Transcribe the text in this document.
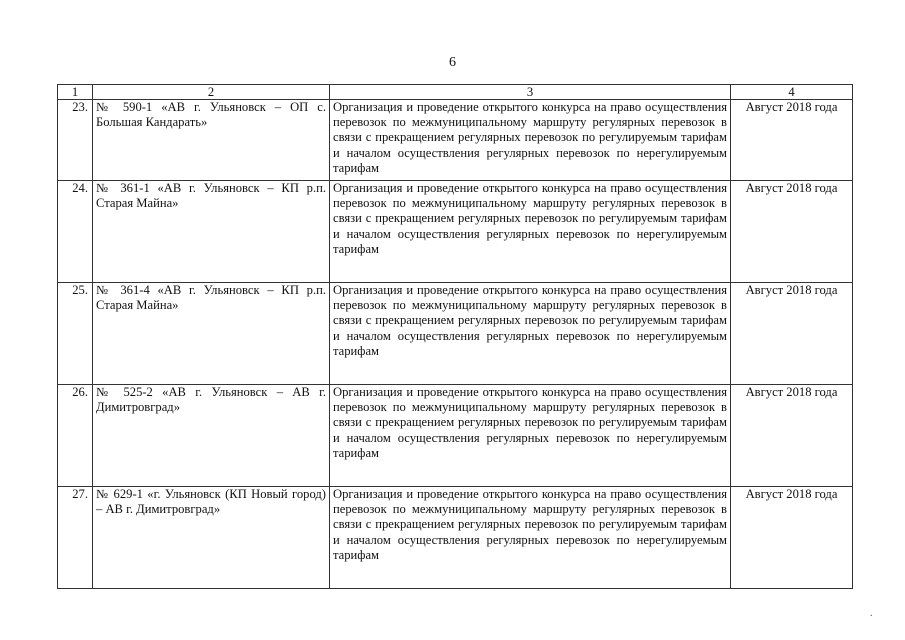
6
1	2	3	4
23.	№ 590-1 «АВ г. Ульяновск – ОП с. Большая Кандарать»	Организация и проведение открытого конкурса на право осуществления перевозок по межмуниципальному маршруту регулярных перевозок в связи с прекращением регулярных перевозок по регулируемым тарифам и началом осуществления регулярных перевозок по нерегулируемым тарифам	Август 2018 года
24.	№ 361-1 «АВ г. Ульяновск – КП р.п. Старая Майна»	Организация и проведение открытого конкурса на право осуществления перевозок по межмуниципальному маршруту регулярных перевозок в связи с прекращением регулярных перевозок по регулируемым тарифам и началом осуществления регулярных перевозок по нерегулируемым тарифам	Август 2018 года
25.	№ 361-4 «АВ г. Ульяновск – КП р.п. Старая Майна»	Организация и проведение открытого конкурса на право осуществления перевозок по межмуниципальному маршруту регулярных перевозок в связи с прекращением регулярных перевозок по регулируемым тарифам и началом осуществления регулярных перевозок по нерегулируемым тарифам	Август 2018 года
26.	№ 525-2 «АВ г. Ульяновск – АВ г. Димитровград»	Организация и проведение открытого конкурса на право осуществления перевозок по межмуниципальному маршруту регулярных перевозок в связи с прекращением регулярных перевозок по регулируемым тарифам и началом осуществления регулярных перевозок по нерегулируемым тарифам	Август 2018 года
27.	№ 629-1 «г. Ульяновск (КП Новый город) – АВ г. Димитровград»	Организация и проведение открытого конкурса на право осуществления перевозок по межмуниципальному маршруту регулярных перевозок в связи с прекращением регулярных перевозок по регулируемым тарифам и началом осуществления регулярных перевозок по нерегулируемым тарифам	Август 2018 года
.
